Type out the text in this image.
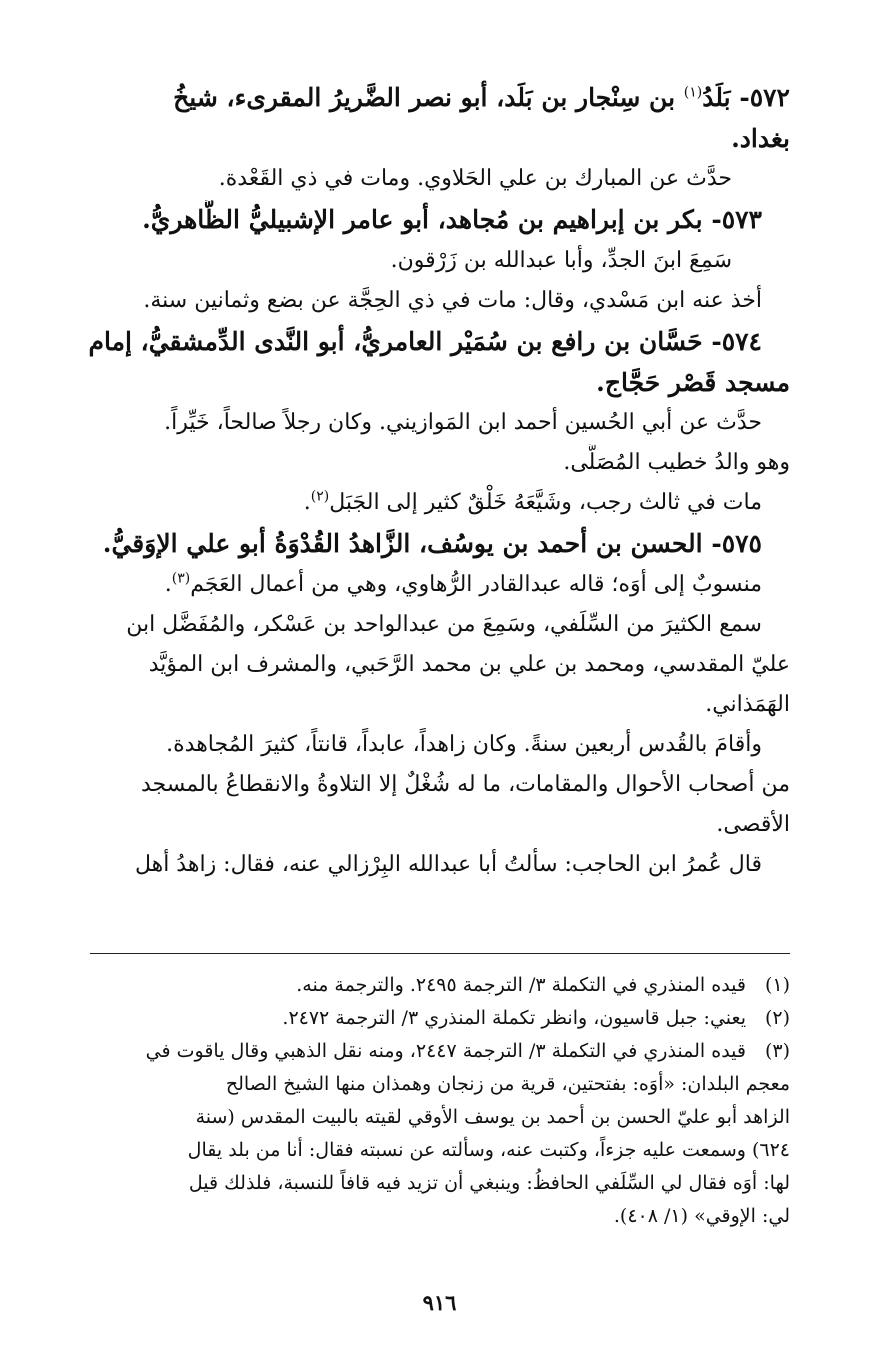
٥٧٢- بَلَدُ$^{(١)}$ بن سِنْجار بن بَلَد، أبو نصر الضَّريرُ المقرىء، شيخُ
بغداد.
حدَّث عن المبارك بن علي الحَلاوي. ومات في ذي القَعْدة.
٥٧٣- بكر بن إبراهيم بن مُجاهد، أبو عامر الإشبيليُّ الظَّاهريُّ.
سَمِعَ ابنَ الجدِّ، وأبا عبدالله بن زَرْقون.
أخذ عنه ابن مَسْدي، وقال: مات في ذي الحِجَّة عن بضع وثمانين سنة.
٥٧٤- حَسَّان بن رافع بن سُمَيْر العامريُّ، أبو النَّدى الدِّمشقيُّ، إمام
مسجد قَصْر حَجَّاج.
حدَّث عن أبي الحُسين أحمد ابن المَوازيني. وكان رجلاً صالحاً، خَيِّراً.
وهو والدُ خطيب المُصَلَّى.
مات في ثالث رجب، وشَيَّعَهُ خَلْقٌ كثير إلى الجَبَل$^{(٢)}$.
٥٧٥- الحسن بن أحمد بن يوسُف، الزَّاهدُ القُدْوَةُ أبو علي الإوَقيُّ.
منسوبٌ إلى أوَه؛ قاله عبدالقادر الرُّهاوي، وهي من أعمال العَجَم$^{(٣)}$.
سمع الكثيرَ من السِّلَفي، وسَمِعَ من عبدالواحد بن عَسْكر، والمُفَضَّل ابن
عليّ المقدسي، ومحمد بن علي بن محمد الرَّحَبي، والمشرف ابن المؤيَّد
الهَمَذاني.
وأقامَ بالقُدس أربعين سنةً. وكان زاهداً، عابداً، قانتاً، كثيرَ المُجاهدة.
من أصحاب الأحوال والمقامات، ما له شُغْلٌ إلا التلاوةُ والانقطاعُ بالمسجد
الأقصى.
قال عُمرُ ابن الحاجب: سألتُ أبا عبدالله البِرْزالي عنه، فقال: زاهدُ أهل
(١)قيده المنذري في التكملة ٣/ الترجمة ٢٤٩٥. والترجمة منه.
(٢)يعني: جبل قاسيون، وانظر تكملة المنذري ٣/ الترجمة ٢٤٧٢.
(٣)قيده المنذري في التكملة ٣/ الترجمة ٢٤٤٧، ومنه نقل الذهبي وقال ياقوت في
معجم البلدان: «أوَه: بفتحتين، قرية من زنجان وهمذان منها الشيخ الصالح
الزاهد أبو عليّ الحسن بن أحمد بن يوسف الأوقي لقيته بالبيت المقدس (سنة
٦٢٤) وسمعت عليه جزءاً، وكتبت عنه، وسألته عن نسبته فقال: أنا من بلد يقال
لها: أوَه فقال لي السِّلَفي الحافظُ: وينبغي أن تزيد فيه قافاً للنسبة، فلذلك قيل
لي: الإوقي» (١/ ٤٠٨).
٩١٦
